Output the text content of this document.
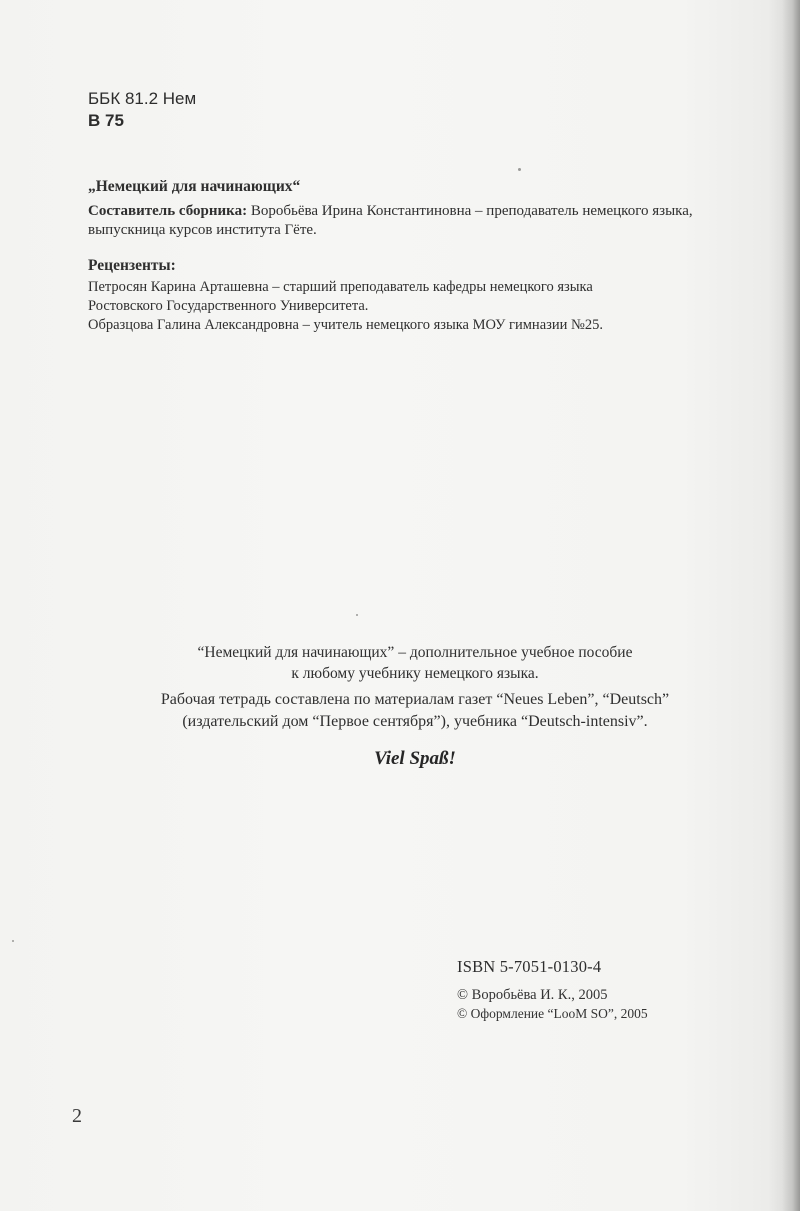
ББК 81.2 Нем
В 75
„Немецкий для начинающих“
Составитель сборника: Воробьёва Ирина Константиновна – преподаватель немецкого языка, выпускница курсов института Гёте.
Рецензенты:
Петросян Карина Арташевна – старший преподаватель кафедры немецкого языка
Ростовского Государственного Университета.
Образцова Галина Александровна – учитель немецкого языка МОУ гимназии №25.
“Немецкий для начинающих” – дополнительное учебное пособие
к любому учебнику немецкого языка.
Рабочая тетрадь составлена по материалам газет “Neues Leben”, “Deutsch”
(издательский дом “Первое сентября”), учебника “Deutsch-intensiv”.
Viel Spaß!
ISBN 5-7051-0130-4
© Воробьёва И. К., 2005
© Оформление “LooM SO”, 2005
2
